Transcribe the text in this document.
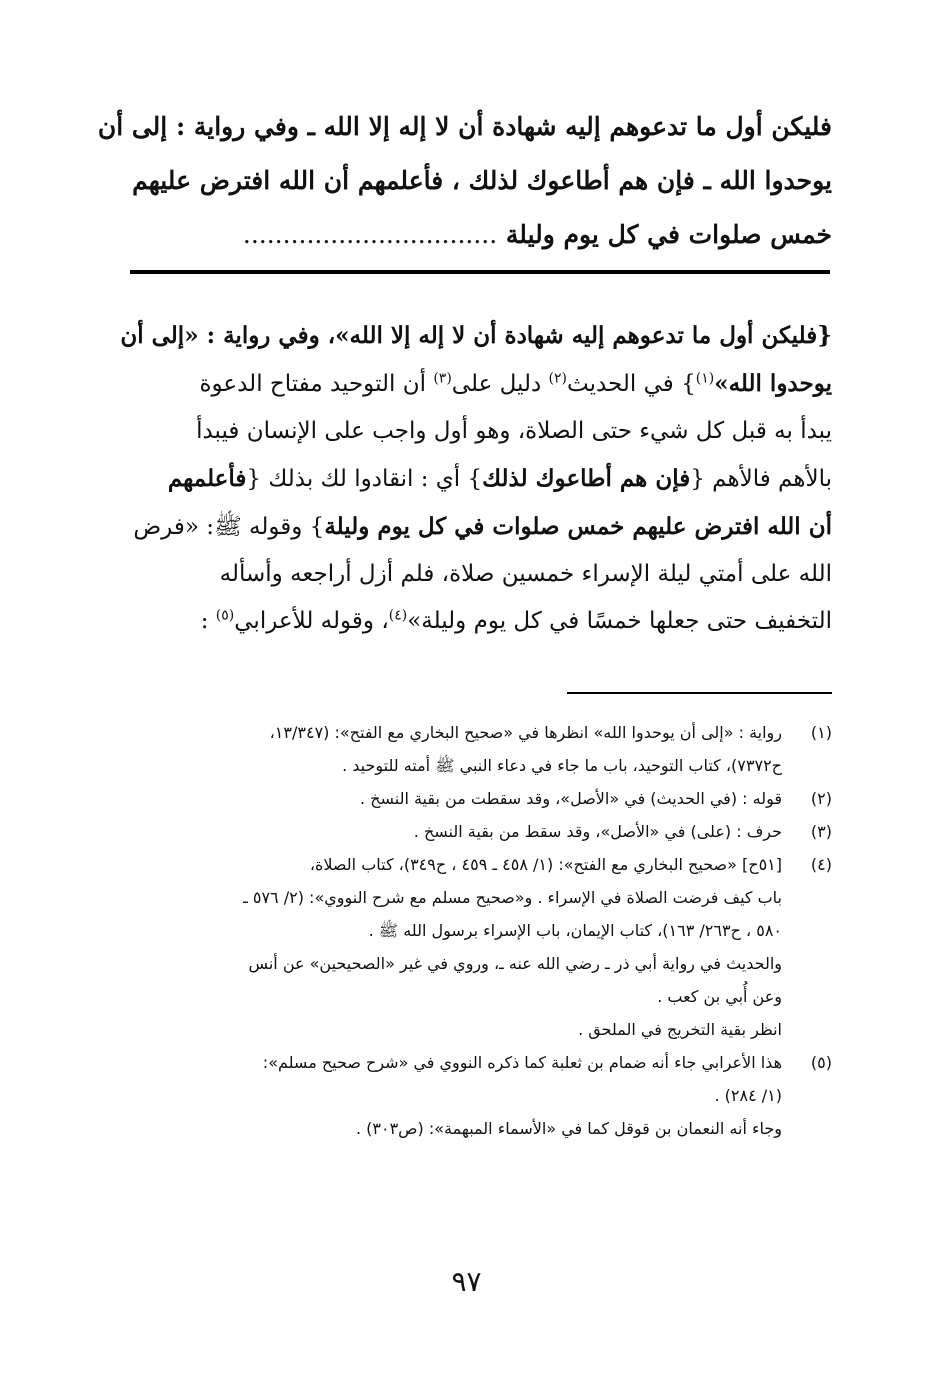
فليكن أول ما تدعوهم إليه شهادة أن لا إله إلا الله ـ وفي رواية : إلى أن
يوحدوا الله ـ فإن هم أطاعوك لذلك ، فأعلمهم أن الله افترض عليهم
خمس صلوات في كل يوم وليلة ................................
{فليكن أول ما تدعوهم إليه شهادة أن لا إله إلا الله»، وفي رواية : «إلى أن
يوحدوا الله»$^{(١)}$} في الحديث$^{(٢)}$ دليل على$^{(٣)}$ أن التوحيد مفتاح الدعوة
يبدأ به قبل كل شيء حتى الصلاة، وهو أول واجب على الإنسان فيبدأ
بالأهم فالأهم {فإن هم أطاعوك لذلك} أي : انقادوا لك بذلك {فأعلمهم
أن الله افترض عليهم خمس صلوات في كل يوم وليلة} وقوله ﷺ: «فرض
الله على أمتي ليلة الإسراء خمسين صلاة، فلم أزل أراجعه وأسأله
التخفيف حتى جعلها خمسًا في كل يوم وليلة»$^{(٤)}$، وقوله للأعرابي$^{(٥)}$ :
(١)
رواية : «إلى أن يوحدوا الله» انظرها في «صحيح البخاري مع الفتح»: (١٣/٣٤٧،
ح٧٣٧٢)، كتاب التوحيد، باب ما جاء في دعاء النبي ﷺ أمته للتوحيد .
(٢)
قوله : (في الحديث) في «الأصل»، وقد سقطت من بقية النسخ .
(٣)
حرف : (على) في «الأصل»، وقد سقط من بقية النسخ .
(٤)
[٥١ح] «صحيح البخاري مع الفتح»: (١/ ٤٥٨ ـ ٤٥٩ ، ح٣٤٩)، كتاب الصلاة،
باب كيف فرضت الصلاة في الإسراء . و«صحيح مسلم مع شرح النووي»: (٢/ ٥٧٦ ـ
٥٨٠ ، ح٢٦٣/ ١٦٣)، كتاب الإيمان، باب الإسراء برسول الله ﷺ .
والحديث في رواية أبي ذر ـ رضي الله عنه ـ، وروي في غير «الصحيحين» عن أنس
وعن أُبي بن كعب .
انظر بقية التخريج في الملحق .
(٥)
هذا الأعرابي جاء أنه ضمام بن ثعلبة كما ذكره النووي في «شرح صحيح مسلم»:
(١/ ٢٨٤) .
وجاء أنه النعمان بن قوقل كما في «الأسماء المبهمة»: (ص٣٠٣) .
٩٧
